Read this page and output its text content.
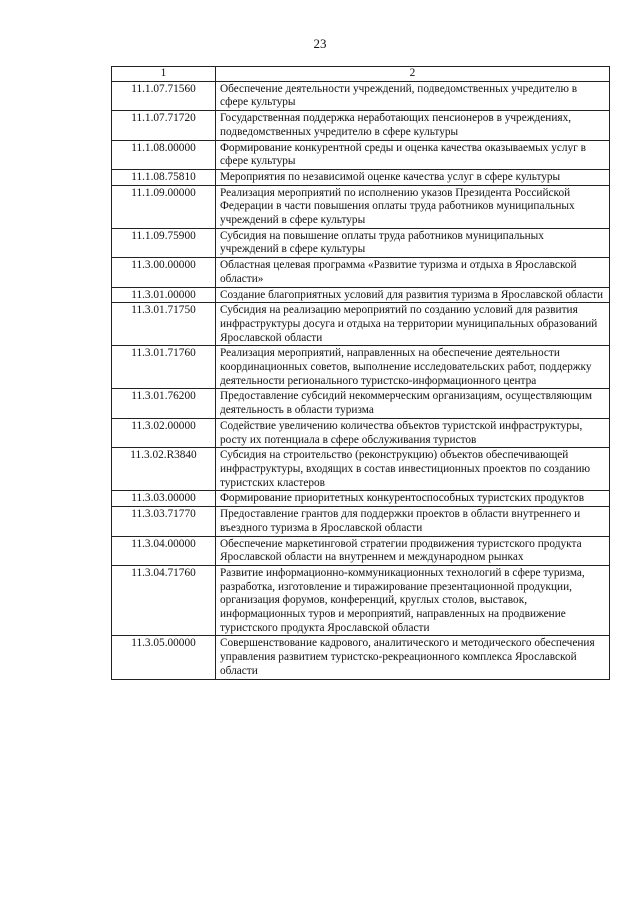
23
1	2
11.1.07.71560	Обеспечение деятельности учреждений, подведомственных учредителю в сфере культуры
11.1.07.71720	Государственная поддержка неработающих пенсионеров в учреждениях, подведомственных учредителю в сфере культуры
11.1.08.00000	Формирование конкурентной среды и оценка качества оказываемых услуг в сфере культуры
11.1.08.75810	Мероприятия по независимой оценке качества услуг в сфере культуры
11.1.09.00000	Реализация мероприятий по исполнению указов Президента Российской Федерации в части повышения оплаты труда работников муниципальных учреждений в сфере культуры
11.1.09.75900	Субсидия на повышение оплаты труда работников муниципальных учреждений в сфере культуры
11.3.00.00000	Областная целевая программа «Развитие туризма и отдыха в Ярославской области»
11.3.01.00000	Создание благоприятных условий для развития туризма в Ярославской области
11.3.01.71750	Субсидия на реализацию мероприятий по созданию условий для развития инфраструктуры досуга и отдыха на территории муниципальных образований Ярославской области
11.3.01.71760	Реализация мероприятий, направленных на обеспечение деятельности координационных советов, выполнение исследовательских работ, поддержку деятельности регионального туристско-информационного центра
11.3.01.76200	Предоставление субсидий некоммерческим организациям, осуществляющим деятельность в области туризма
11.3.02.00000	Содействие увеличению количества объектов туристской инфраструктуры, росту их потенциала в сфере обслуживания туристов
11.3.02.R3840	Субсидия на строительство (реконструкцию) объектов обеспечивающей инфраструктуры, входящих в состав инвестиционных проектов по созданию туристских кластеров
11.3.03.00000	Формирование приоритетных конкурентоспособных туристских продуктов
11.3.03.71770	Предоставление грантов для поддержки проектов в области внутреннего и въездного туризма в Ярославской области
11.3.04.00000	Обеспечение маркетинговой стратегии продвижения туристского продукта Ярославской области на внутреннем и международном рынках
11.3.04.71760	Развитие информационно-коммуникационных технологий в сфере туризма, разработка, изготовление и тиражирование презентационной продукции, организация форумов, конференций, круглых столов, выставок, информационных туров и мероприятий, направленных на продвижение туристского продукта Ярославской области
11.3.05.00000	Совершенствование кадрового, аналитического и методического обеспечения управления развитием туристско-рекреационного комплекса Ярославской области
